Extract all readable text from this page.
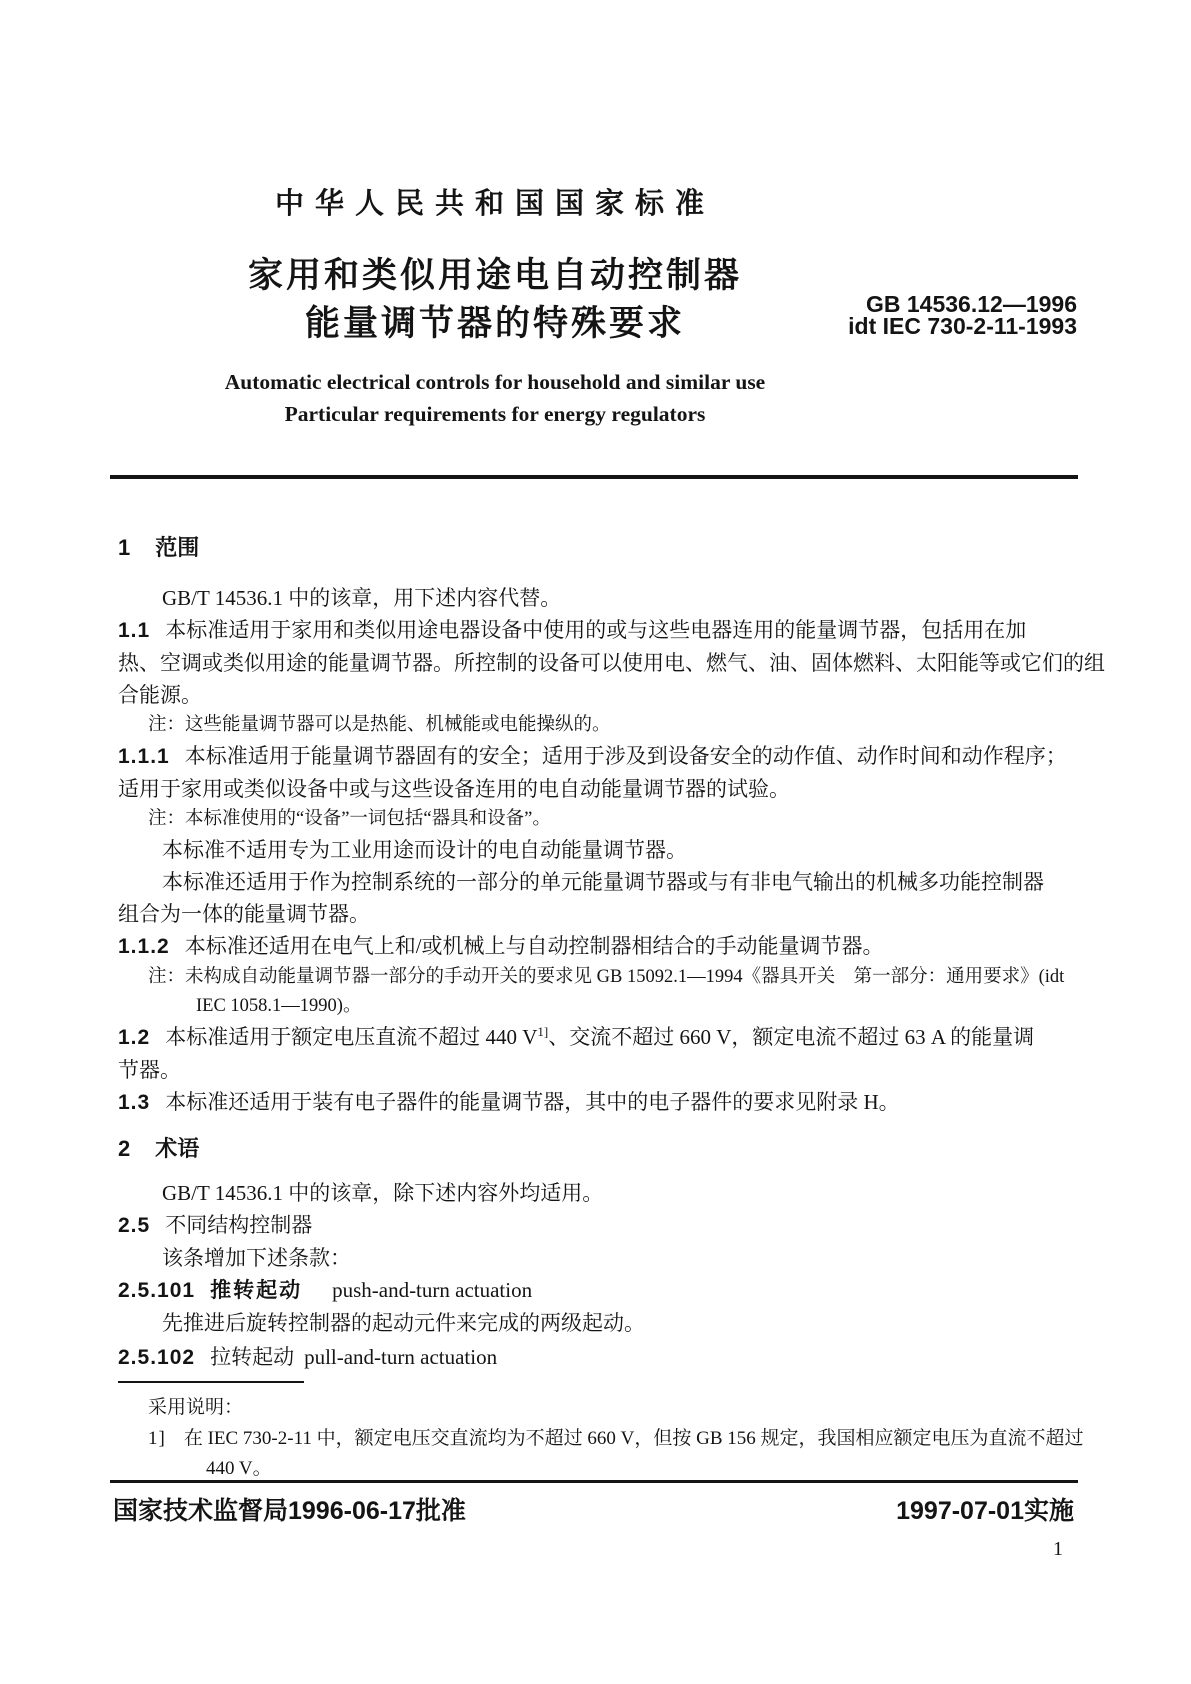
中华人民共和国国家标准
家用和类似用途电自动控制器
能量调节器的特殊要求	GB 14536.12—1996
idt IEC 730-2-11-1993
Automatic electrical controls for household and similar use
Particular requirements for energy regulators
1 范围
GB/T 14536.1 中的该章，用下述内容代替。
1.1 本标准适用于家用和类似用途电器设备中使用的或与这些电器连用的能量调节器，包括用在加
热、空调或类似用途的能量调节器。所控制的设备可以使用电、燃气、油、固体燃料、太阳能等或它们的组
合能源。
注：这些能量调节器可以是热能、机械能或电能操纵的。
1.1.1 本标准适用于能量调节器固有的安全；适用于涉及到设备安全的动作值、动作时间和动作程序；
适用于家用或类似设备中或与这些设备连用的电自动能量调节器的试验。
注：本标准使用的“设备”一词包括“器具和设备”。
本标准不适用专为工业用途而设计的电自动能量调节器。
本标准还适用于作为控制系统的一部分的单元能量调节器或与有非电气输出的机械多功能控制器
组合为一体的能量调节器。
1.1.2 本标准还适用在电气上和/或机械上与自动控制器相结合的手动能量调节器。
注：未构成自动能量调节器一部分的手动开关的要求见 GB 15092.1—1994《器具开关　第一部分：通用要求》(idt
IEC 1058.1—1990)。
1.2 本标准适用于额定电压直流不超过 440 V$^{1]}$、交流不超过 660 V，额定电流不超过 63 A 的能量调
节器。
1.3 本标准还适用于装有电子器件的能量调节器，其中的电子器件的要求见附录 H。
2 术语
GB/T 14536.1 中的该章，除下述内容外均适用。
2.5 不同结构控制器
该条增加下述条款：
2.5.101 推转起动 push-and-turn actuation
先推进后旋转控制器的起动元件来完成的两级起动。
2.5.102 拉转起动 pull-and-turn actuation
采用说明：
1] 在 IEC 730-2-11 中，额定电压交直流均为不超过 660 V，但按 GB 156 规定，我国相应额定电压为直流不超过
440 V。
国家技术监督局1996-06-17批准	1997-07-01实施
1
